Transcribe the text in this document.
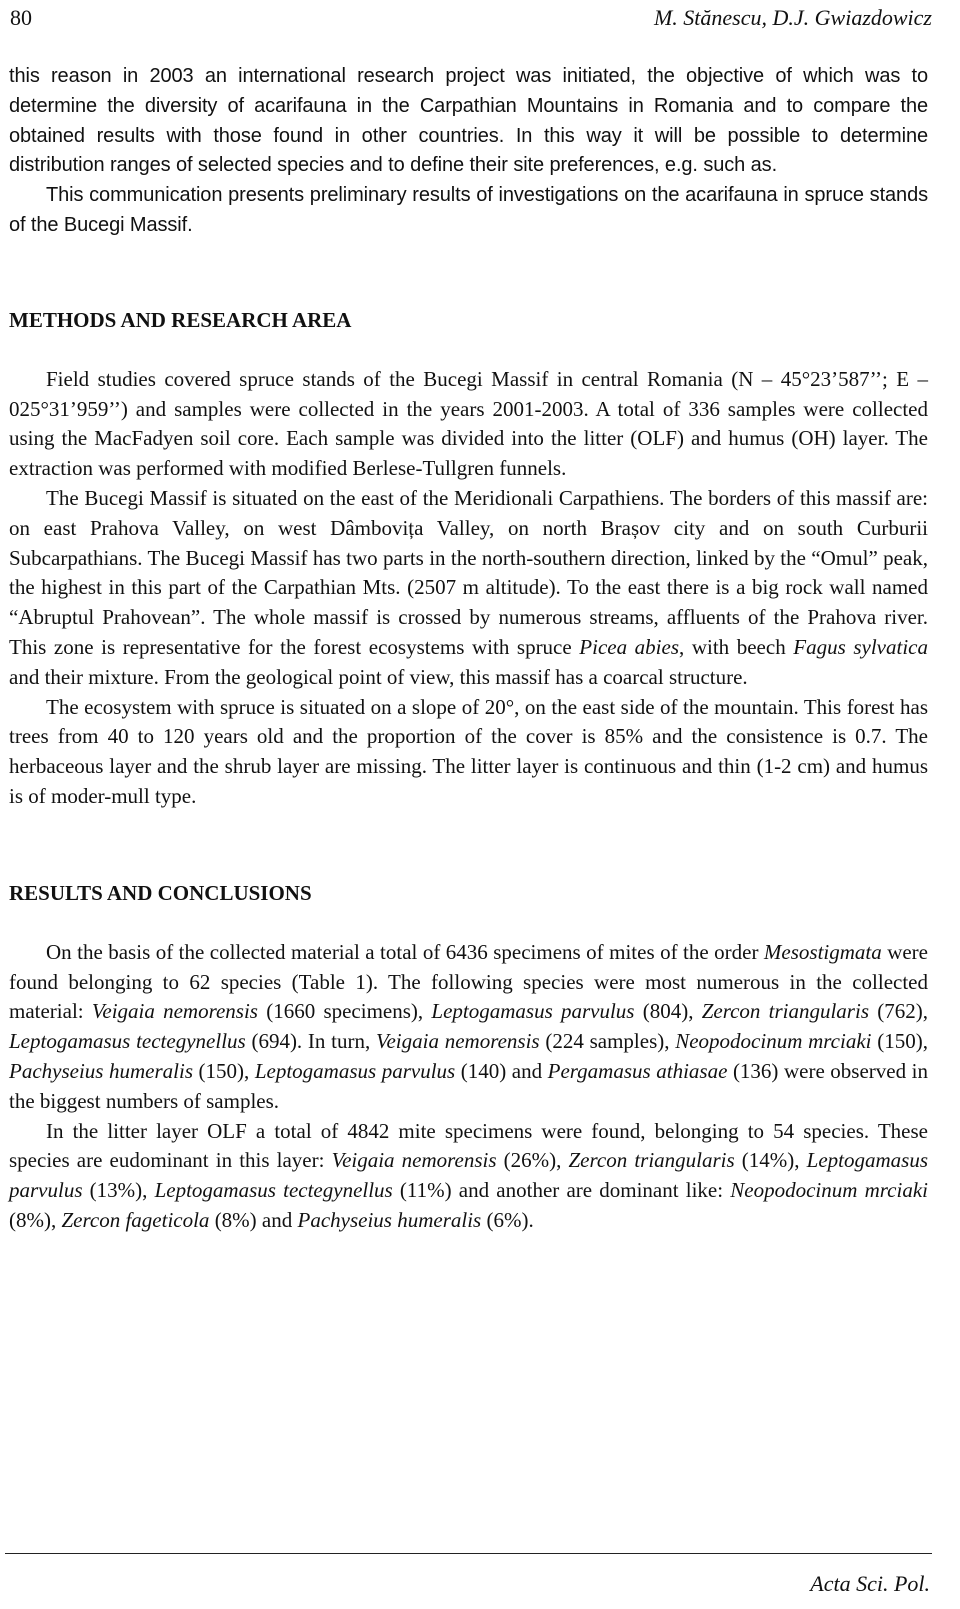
80	M. Stănescu, D.J. Gwiazdowicz

this reason in 2003 an international research project was initiated, the objective of which was to determine the diversity of acarifauna in the Carpathian Mountains in Romania and to compare the obtained results with those found in other countries. In this way it will be possible to determine distribution ranges of selected species and to define their site preferences, e.g. such as.

This communication presents preliminary results of investigations on the acarifauna in spruce stands of the Bucegi Massif.

METHODS AND RESEARCH AREA

Field studies covered spruce stands of the Bucegi Massif in central Romania (N – 45°23’587’’; E – 025°31’959’’) and samples were collected in the years 2001-2003. A total of 336 samples were collected using the MacFadyen soil core. Each sample was divided into the litter (OLF) and humus (OH) layer. The extraction was performed with modified Berlese-Tullgren funnels.

The Bucegi Massif is situated on the east of the Meridionali Carpathiens. The borders of this massif are: on east Prahova Valley, on west Dâmbovița Valley, on north Brașov city and on south Curburii Subcarpathians. The Bucegi Massif has two parts in the north-southern direction, linked by the “Omul” peak, the highest in this part of the Carpathian Mts. (2507 m altitude). To the east there is a big rock wall named “Abruptul Prahovean”. The whole massif is crossed by numerous streams, affluents of the Prahova river. This zone is representative for the forest ecosystems with spruce Picea abies, with beech Fagus sylvatica and their mixture. From the geological point of view, this massif has a coarcal structure.

The ecosystem with spruce is situated on a slope of 20°, on the east side of the mountain. This forest has trees from 40 to 120 years old and the proportion of the cover is 85% and the consistence is 0.7. The herbaceous layer and the shrub layer are missing. The litter layer is continuous and thin (1-2 cm) and humus is of moder-mull type.

RESULTS AND CONCLUSIONS

On the basis of the collected material a total of 6436 specimens of mites of the order Mesostigmata were found belonging to 62 species (Table 1). The following species were most numerous in the collected material: Veigaia nemorensis (1660 specimens), Leptogamasus parvulus (804), Zercon triangularis (762), Leptogamasus tectegynellus (694). In turn, Veigaia nemorensis (224 samples), Neopodocinum mrciaki (150), Pachyseius humeralis (150), Leptogamasus parvulus (140) and Pergamasus athiasae (136) were observed in the biggest numbers of samples.

In the litter layer OLF a total of 4842 mite specimens were found, belonging to 54 species. These species are eudominant in this layer: Veigaia nemorensis (26%), Zercon triangularis (14%), Leptogamasus parvulus (13%), Leptogamasus tectegynellus (11%) and another are dominant like: Neopodocinum mrciaki (8%), Zercon fageticola (8%) and Pachyseius humeralis (6%).

Acta Sci. Pol.
